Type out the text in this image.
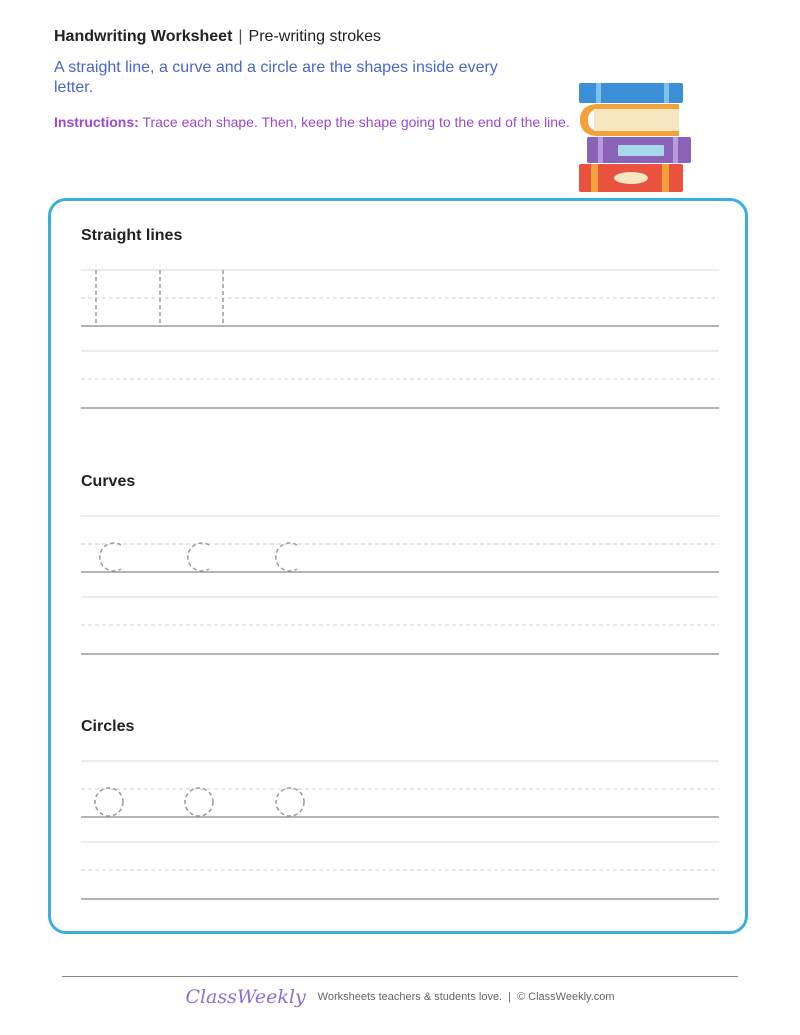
Handwriting Worksheet | Pre-writing strokes
A straight line, a curve and a circle are the shapes inside every letter.
Instructions: Trace each shape. Then, keep the shape going to the end of the line.
Straight lines
Curves
Circles
ClassWeekly Worksheets teachers & students love. | © ClassWeekly.com
